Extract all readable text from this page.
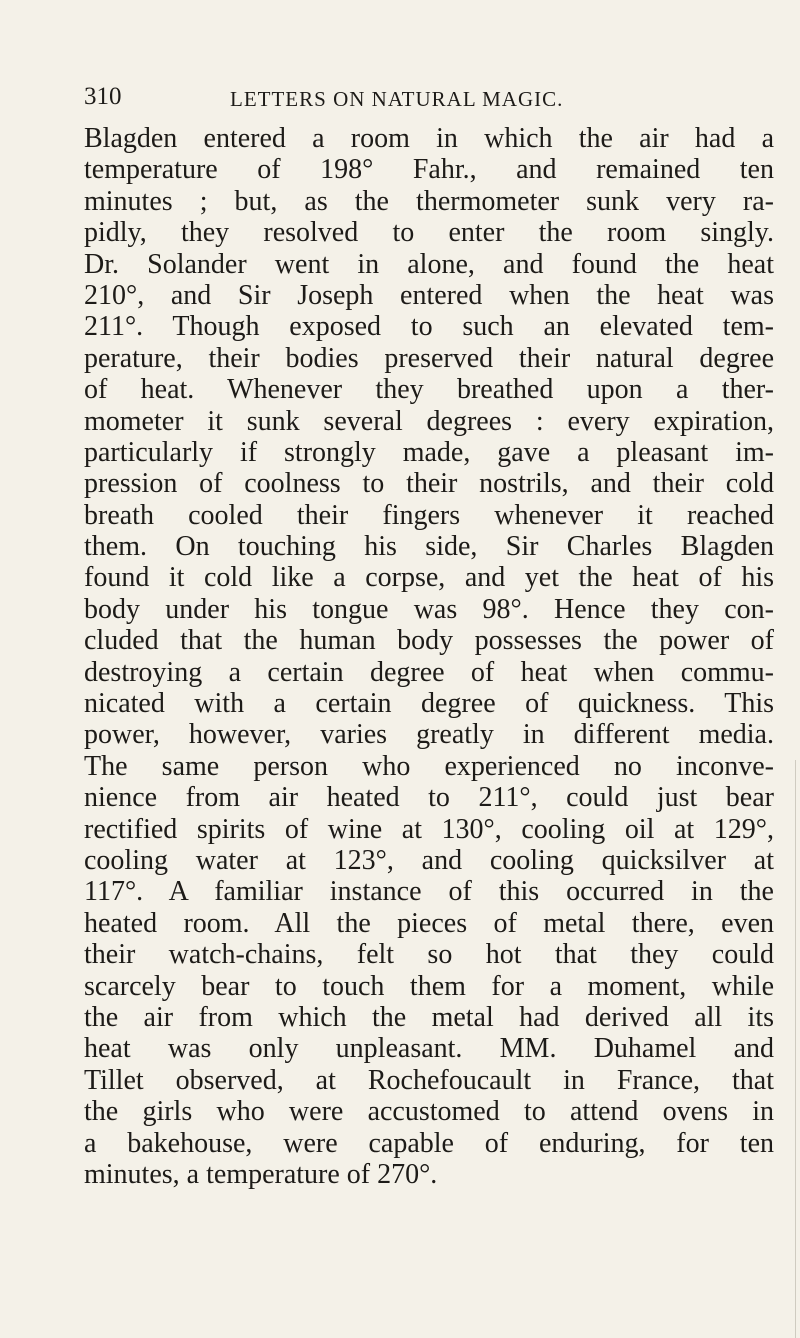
310	LETTERS ON NATURAL MAGIC.
Blagden entered a room in which the air had a
temperature of 198° Fahr., and remained ten
minutes ; but, as the thermometer sunk very ra-
pidly, they resolved to enter the room singly.
Dr. Solander went in alone, and found the heat
210°, and Sir Joseph entered when the heat was
211°. Though exposed to such an elevated tem-
perature, their bodies preserved their natural degree
of heat. Whenever they breathed upon a ther-
mometer it sunk several degrees : every expiration,
particularly if strongly made, gave a pleasant im-
pression of coolness to their nostrils, and their cold
breath cooled their fingers whenever it reached
them. On touching his side, Sir Charles Blagden
found it cold like a corpse, and yet the heat of his
body under his tongue was 98°. Hence they con-
cluded that the human body possesses the power of
destroying a certain degree of heat when commu-
nicated with a certain degree of quickness. This
power, however, varies greatly in different media.
The same person who experienced no inconve-
nience from air heated to 211°, could just bear
rectified spirits of wine at 130°, cooling oil at 129°,
cooling water at 123°, and cooling quicksilver at
117°. A familiar instance of this occurred in the
heated room. All the pieces of metal there, even
their watch-chains, felt so hot that they could
scarcely bear to touch them for a moment, while
the air from which the metal had derived all its
heat was only unpleasant. MM. Duhamel and
Tillet observed, at Rochefoucault in France, that
the girls who were accustomed to attend ovens in
a bakehouse, were capable of enduring, for ten
minutes, a temperature of 270°.
